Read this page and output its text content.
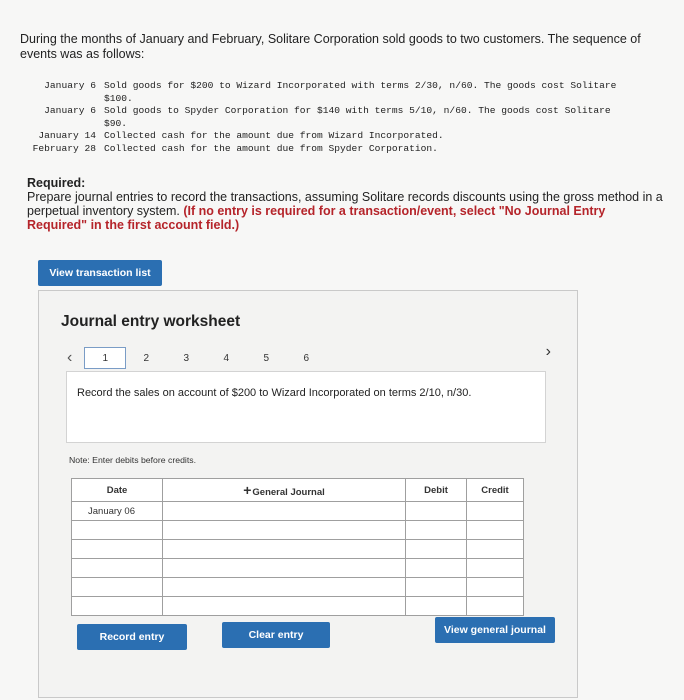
During the months of January and February, Solitare Corporation sold goods to two customers. The sequence of events was as follows:
January 6 Sold goods for $200 to Wizard Incorporated with terms 2/30, n/60. The goods cost Solitare $100.
January 6 Sold goods to Spyder Corporation for $140 with terms 5/10, n/60. The goods cost Solitare $90.
January 14 Collected cash for the amount due from Wizard Incorporated.
February 28 Collected cash for the amount due from Spyder Corporation.
Required:
Prepare journal entries to record the transactions, assuming Solitare records discounts using the gross method in a perpetual inventory system. (If no entry is required for a transaction/event, select "No Journal Entry Required" in the first account field.)
View transaction list
Journal entry worksheet
‹	1	2	3	4	5	6	›
Record the sales on account of $200 to Wizard Incorporated on terms 2/10, n/30.
Note: Enter debits before credits.
Date	+General Journal	Debit	Credit
January 06			

Record entry	Clear entry	View general journal
